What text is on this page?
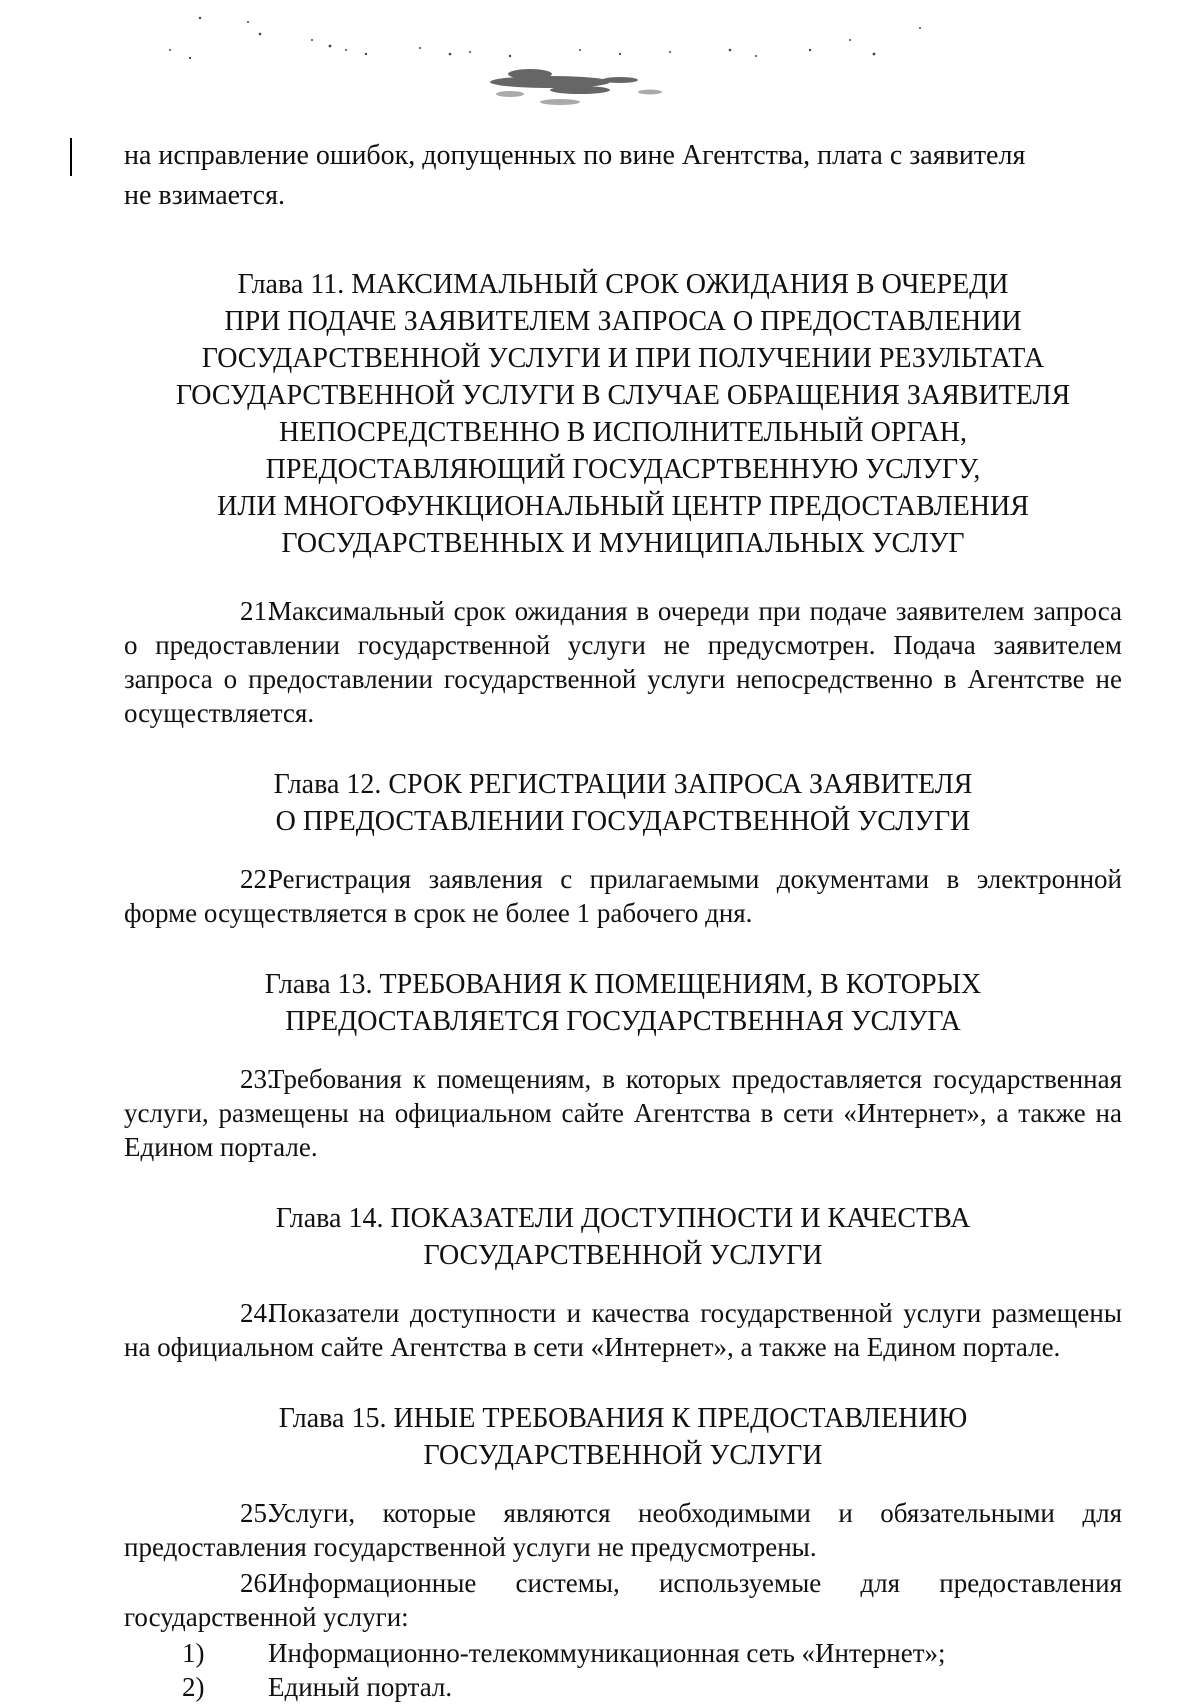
на исправление ошибок, допущенных по вине Агентства, плата с заявителя

не взимается.

Глава 11. МАКСИМАЛЬНЫЙ СРОК ОЖИДАНИЯ В ОЧЕРЕДИ
ПРИ ПОДАЧЕ ЗАЯВИТЕЛЕМ ЗАПРОСА О ПРЕДОСТАВЛЕНИИ
ГОСУДАРСТВЕННОЙ УСЛУГИ И ПРИ ПОЛУЧЕНИИ РЕЗУЛЬТАТА
ГОСУДАРСТВЕННОЙ УСЛУГИ В СЛУЧАЕ ОБРАЩЕНИЯ ЗАЯВИТЕЛЯ
НЕПОСРЕДСТВЕННО В ИСПОЛНИТЕЛЬНЫЙ ОРГАН,
ПРЕДОСТАВЛЯЮЩИЙ ГОСУДАСРТВЕННУЮ УСЛУГУ,
ИЛИ МНОГОФУНКЦИОНАЛЬНЫЙ ЦЕНТР ПРЕДОСТАВЛЕНИЯ
ГОСУДАРСТВЕННЫХ И МУНИЦИПАЛЬНЫХ УСЛУГ

21.Максимальный срок ожидания в очереди при подаче заявителем запроса о предоставлении государственной услуги не предусмотрен. Подача заявителем запроса о предоставлении государственной услуги непосредственно в Агентстве не осуществляется.

Глава 12. СРОК РЕГИСТРАЦИИ ЗАПРОСА ЗАЯВИТЕЛЯ
О ПРЕДОСТАВЛЕНИИ ГОСУДАРСТВЕННОЙ УСЛУГИ

22.Регистрация заявления с прилагаемыми документами в электронной форме осуществляется в срок не более 1 рабочего дня.

Глава 13. ТРЕБОВАНИЯ К ПОМЕЩЕНИЯМ, В КОТОРЫХ
ПРЕДОСТАВЛЯЕТСЯ ГОСУДАРСТВЕННАЯ УСЛУГА

23.Требования к помещениям, в которых предоставляется государственная услуги, размещены на официальном сайте Агентства в сети «Интернет», а также на Едином портале.

Глава 14. ПОКАЗАТЕЛИ ДОСТУПНОСТИ И КАЧЕСТВА
ГОСУДАРСТВЕННОЙ УСЛУГИ

24.Показатели доступности и качества государственной услуги размещены на официальном сайте Агентства в сети «Интернет», а также на Едином портале.

Глава 15. ИНЫЕ ТРЕБОВАНИЯ К ПРЕДОСТАВЛЕНИЮ
ГОСУДАРСТВЕННОЙ УСЛУГИ

25.Услуги, которые являются необходимыми и обязательными для предоставления государственной услуги не предусмотрены.

26.Информационные системы, используемые для предоставления государственной услуги:

1) Информационно-телекоммуникационная сеть «Интернет»;

2) Единый портал.
